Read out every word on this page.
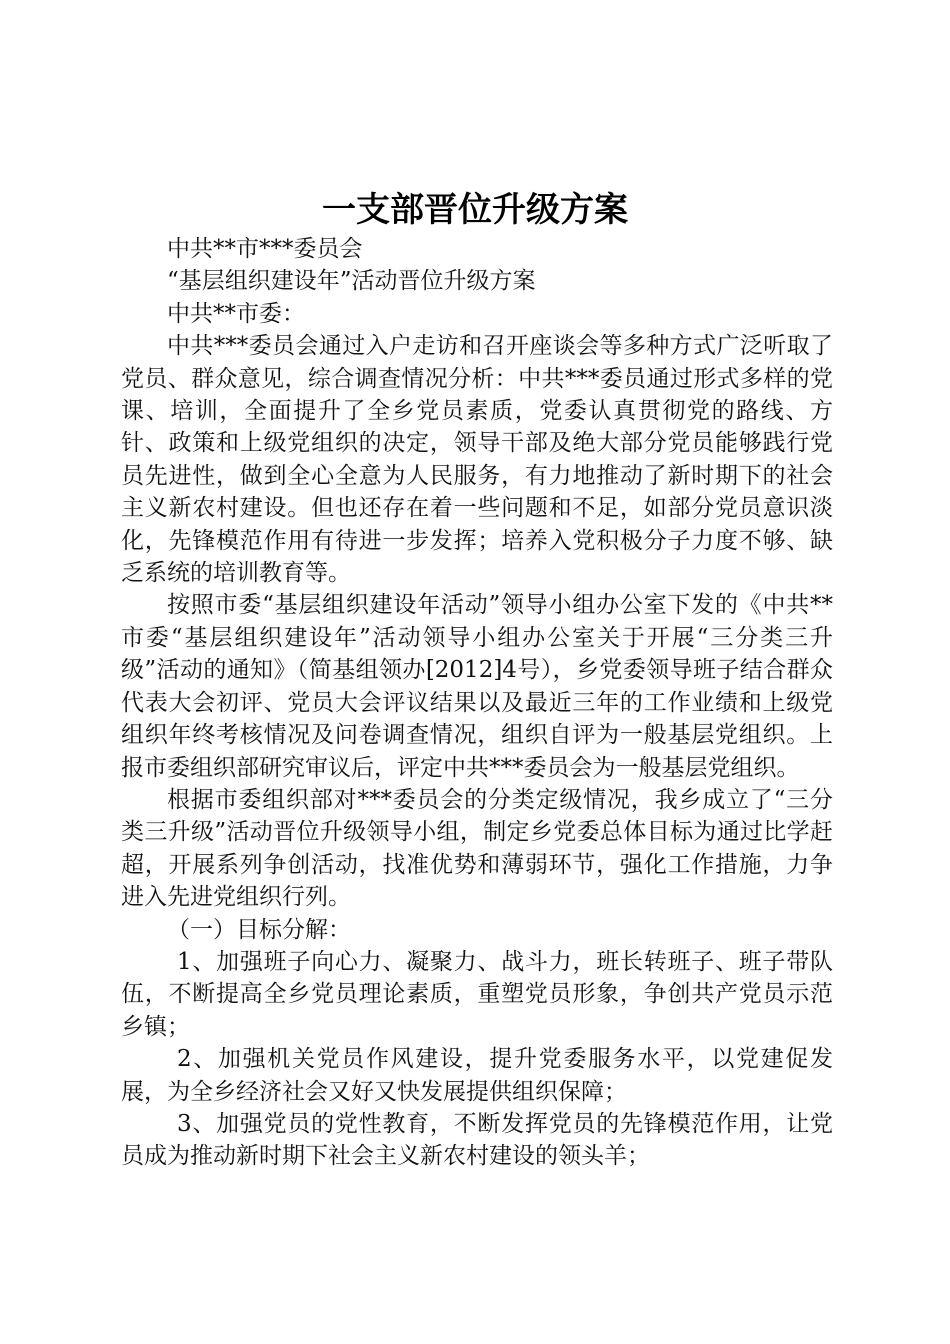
一支部晋位升级方案

中共**市***委员会

“基层组织建设年”活动晋位升级方案

中共**市委：

中共***委员会通过入户走访和召开座谈会等多种方式广泛听取了党员、群众意见，综合调查情况分析：中共***委员通过形式多样的党课、培训，全面提升了全乡党员素质，党委认真贯彻党的路线、方针、政策和上级党组织的决定，领导干部及绝大部分党员能够践行党员先进性，做到全心全意为人民服务，有力地推动了新时期下的社会主义新农村建设。但也还存在着一些问题和不足，如部分党员意识淡化，先锋模范作用有待进一步发挥；培养入党积极分子力度不够、缺乏系统的培训教育等。

按照市委“基层组织建设年活动”领导小组办公室下发的《中共**市委“基层组织建设年”活动领导小组办公室关于开展“三分类三升级”活动的通知》（简基组领办[2012]4号），乡党委领导班子结合群众代表大会初评、党员大会评议结果以及最近三年的工作业绩和上级党组织年终考核情况及问卷调查情况，组织自评为一般基层党组织。上报市委组织部研究审议后，评定中共***委员会为一般基层党组织。

根据市委组织部对***委员会的分类定级情况，我乡成立了“三分类三升级”活动晋位升级领导小组，制定乡党委总体目标为通过比学赶超，开展系列争创活动，找准优势和薄弱环节，强化工作措施，力争进入先进党组织行列。

（一）目标分解：

1、加强班子向心力、凝聚力、战斗力，班长转班子、班子带队伍，不断提高全乡党员理论素质，重塑党员形象，争创共产党员示范乡镇；

2、加强机关党员作风建设，提升党委服务水平，以党建促发展，为全乡经济社会又好又快发展提供组织保障；

3、加强党员的党性教育，不断发挥党员的先锋模范作用，让党员成为推动新时期下社会主义新农村建设的领头羊；
